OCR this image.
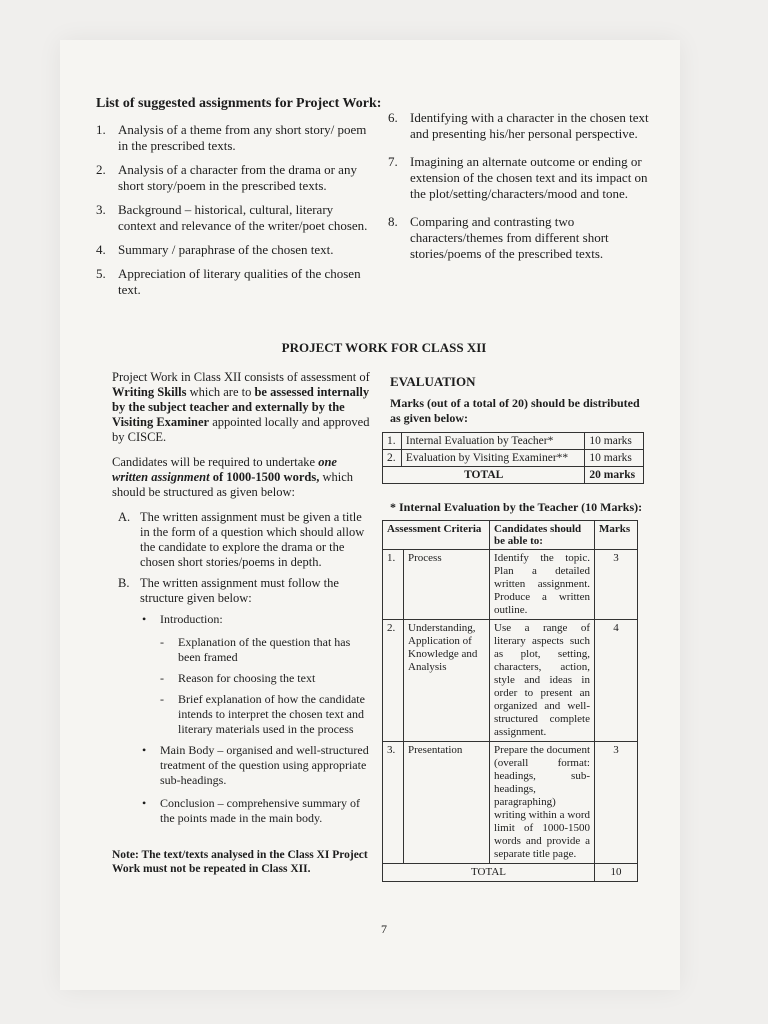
List of suggested assignments for Project Work:
1. Analysis of a theme from any short story/ poem in the prescribed texts.
2. Analysis of a character from the drama or any short story/poem in the prescribed texts.
3. Background – historical, cultural, literary context and relevance of the writer/poet chosen.
4. Summary / paraphrase of the chosen text.
5. Appreciation of literary qualities of the chosen text.
6. Identifying with a character in the chosen text and presenting his/her personal perspective.
7. Imagining an alternate outcome or ending or extension of the chosen text and its impact on the plot/setting/characters/mood and tone.
8. Comparing and contrasting two characters/themes from different short stories/poems of the prescribed texts.
PROJECT WORK FOR CLASS XII

Project Work in Class XII consists of assessment of Writing Skills which are to be assessed internally by the subject teacher and externally by the Visiting Examiner appointed locally and approved by CISCE.

Candidates will be required to undertake one written assignment of 1000-1500 words, which should be structured as given below:

A. The written assignment must be given a title in the form of a question which should allow the candidate to explore the drama or the chosen short stories/poems in depth.
B. The written assignment must follow the structure given below:
• Introduction:
- Explanation of the question that has been framed
- Reason for choosing the text
- Brief explanation of how the candidate intends to interpret the chosen text and literary materials used in the process
• Main Body – organised and well-structured treatment of the question using appropriate sub-headings.
• Conclusion – comprehensive summary of the points made in the main body.
Note: The text/texts analysed in the Class XI Project Work must not be repeated in Class XII.
EVALUATION
Marks (out of a total of 20) should be distributed as given below:
1.	Internal Evaluation by Teacher*	10 marks
2.	Evaluation by Visiting Examiner**	10 marks
TOTAL		20 marks
* Internal Evaluation by the Teacher (10 Marks):
Assessment Criteria		Candidates should be able to:	Marks
1.	Process	Identify the topic. Plan a detailed written assignment. Produce a written outline.	3
2.	Understanding, Application of Knowledge and Analysis	Use a range of literary aspects such as plot, setting, characters, action, style and ideas in order to present an organized and well-structured complete assignment.	4
3.	Presentation	Prepare the document (overall format: headings, sub-headings, paragraphing) writing within a word limit of 1000-1500 words and provide a separate title page.	3
TOTAL			10
7
